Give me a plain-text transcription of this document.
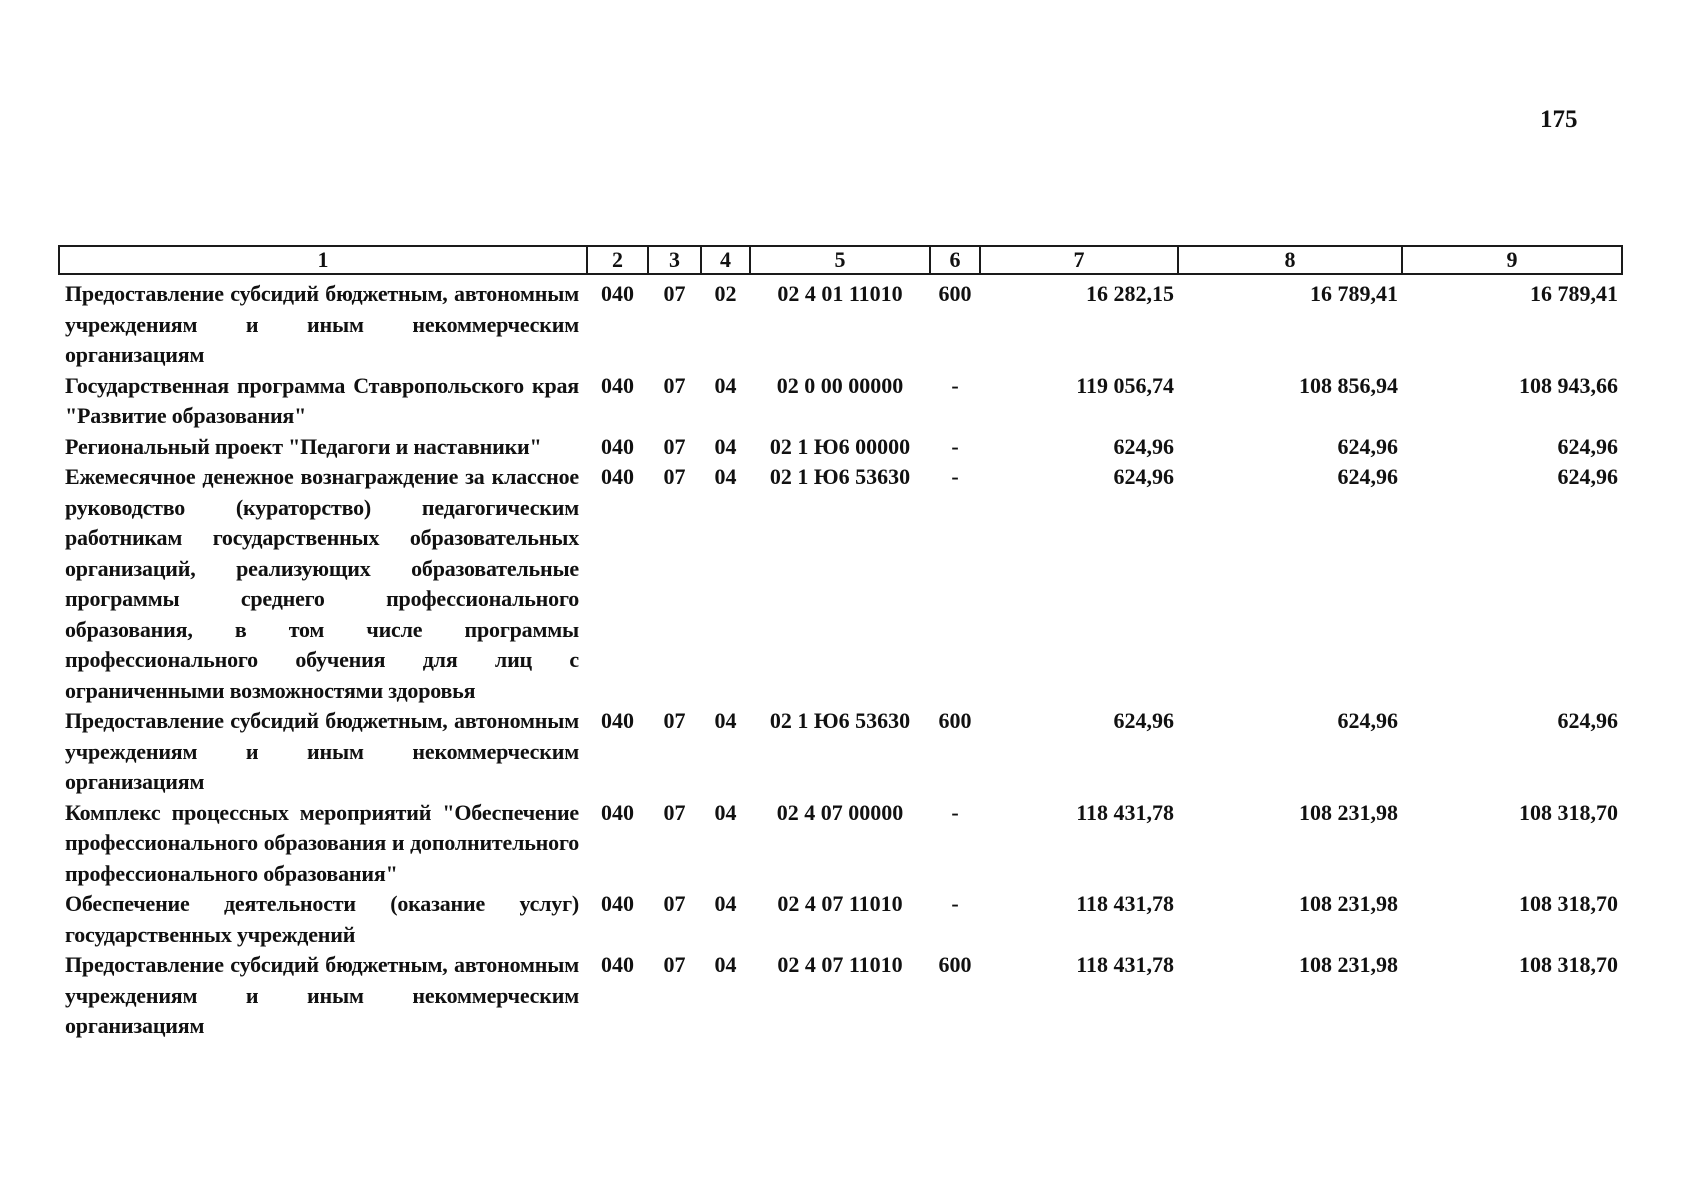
175
1	2	3	4	5	6	7	8	9
Предоставление субсидий бюджетным, автономным учреждениям и иным некоммерческим организациям	040	07	02	02 4 01 11010	600	16 282,15	16 789,41	16 789,41
Государственная программа Ставропольского края "Развитие образования"	040	07	04	02 0 00 00000	-	119 056,74	108 856,94	108 943,66
Региональный проект "Педагоги и наставники"	040	07	04	02 1 Ю6 00000	-	624,96	624,96	624,96
Ежемесячное денежное вознаграждение за классное руководство (кураторство) педагогическим работникам государственных образовательных организаций, реализующих образовательные программы среднего профессионального образования, в том числе программы профессионального обучения для лиц с ограниченными возможностями здоровья	040	07	04	02 1 Ю6 53630	-	624,96	624,96	624,96
Предоставление субсидий бюджетным, автономным учреждениям и иным некоммерческим организациям	040	07	04	02 1 Ю6 53630	600	624,96	624,96	624,96
Комплекс процессных мероприятий "Обеспечение профессионального образования и дополнительного профессионального образования"	040	07	04	02 4 07 00000	-	118 431,78	108 231,98	108 318,70
Обеспечение деятельности (оказание услуг) государственных учреждений	040	07	04	02 4 07 11010	-	118 431,78	108 231,98	108 318,70
Предоставление субсидий бюджетным, автономным учреждениям и иным некоммерческим организациям	040	07	04	02 4 07 11010	600	118 431,78	108 231,98	108 318,70
